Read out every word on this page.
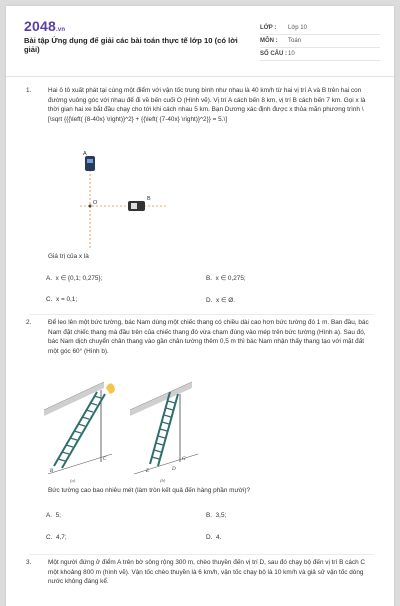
2048.vn
Bài tập Ứng dụng để giải các bài toán thực tế lớp 10 (có lời giải)
LỚP :	Lớp 10
MÔN :	Toán
SỐ CÂU : 10
1.	Hai ô tô xuất phát tại cùng một điểm với vận tốc trung bình như nhau là 40 km/h từ hai vị trí A và B trên hai con đường vuông góc với nhau để đi về bến cuối O (Hình vẽ). Vị trí A cách bến 8 km, vị trí B cách bến 7 km. Gọi x là thời gian hai xe bắt đầu chạy cho tới khi cách nhau 5 km. Bạn Dương xác định được x thỏa mãn phương trình \[\sqrt {{{\left( {8-40x} \right)}^2} + {{\left( {7-40x} \right)}^2}} = 5.\]
A
O
B
Giá trị của x là
A. x ∈ {0,1; 0,275};	B. x ∈ 0,275;
C. x = 0,1;	D. x ∈ Ø.
2.	Để leo lên một bức tường, bác Nam dùng một chiếc thang có chiều dài cao hơn bức tường đó 1 m. Ban đầu, bác Nam đặt chiếc thang mà đầu trên của chiếc thang đó vừa chạm đúng vào mép trên bức tường (Hình a). Sau đó, bác Nam dịch chuyển chân thang vào gần chân tường thêm 0,5 m thì bác Nam nhận thấy thang tạo với mặt đất một góc 60° (Hình b).
B
C
(a)
E	D
G
(b)
Bức tường cao bao nhiêu mét (làm tròn kết quả đến hàng phần mười)?
A. 5;	B. 3,5;
C. 4,7;	D. 4.
3.	Một người đứng ở điểm A trên bờ sông rộng 300 m, chèo thuyền đến vị trí D, sau đó chạy bộ đến vị trí B cách C một khoảng 800 m (hình vẽ). Vận tốc chèo thuyền là 6 km/h, vận tốc chạy bộ là 10 km/h và giả sử vận tốc dòng nước không đáng kể.
